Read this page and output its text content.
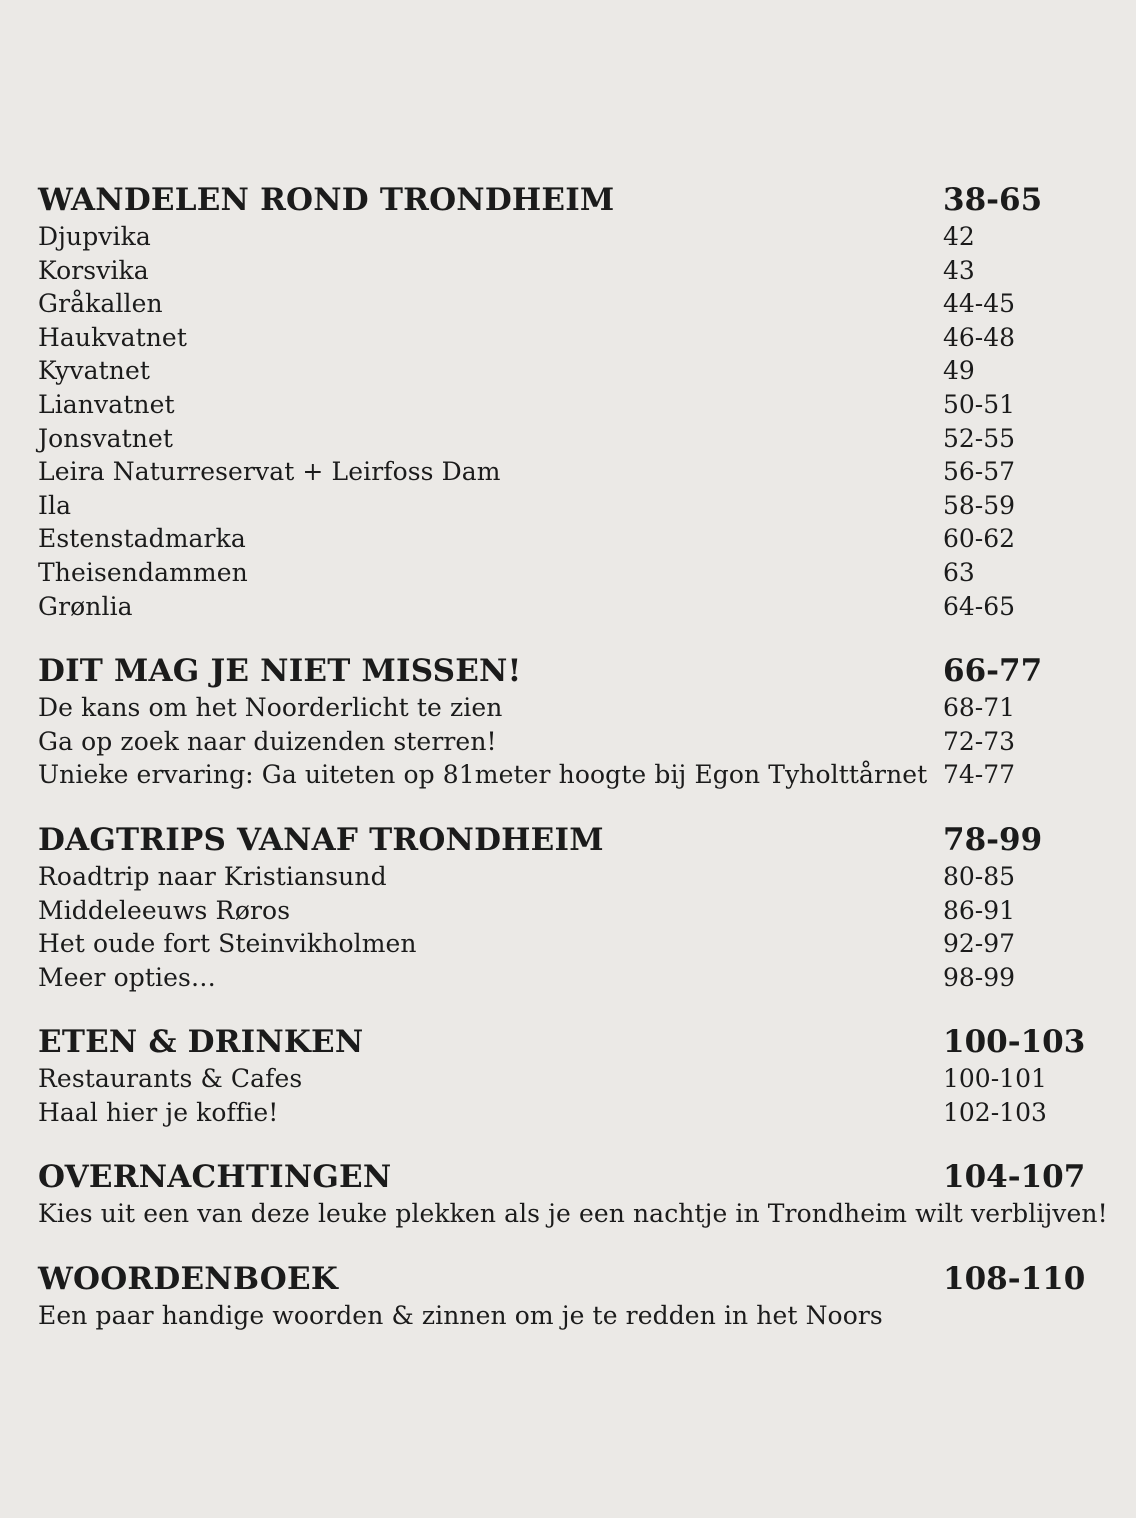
WANDELEN ROND TRONDHEIM	38-65
Djupvika	42
Korsvika	43
Gråkallen	44-45
Haukvatnet	46-48
Kyvatnet	49
Lianvatnet	50-51
Jonsvatnet	52-55
Leira Naturreservat + Leirfoss Dam	56-57
Ila	58-59
Estenstadmarka	60-62
Theisendammen	63
Grønlia	64-65
DIT MAG JE NIET MISSEN!	66-77
De kans om het Noorderlicht te zien	68-71
Ga op zoek naar duizenden sterren!	72-73
Unieke ervaring: Ga uiteten op 81meter hoogte bij Egon Tyholttårnet 74-77
DAGTRIPS VANAF TRONDHEIM	78-99
Roadtrip naar Kristiansund	80-85
Middeleeuws Røros	86-91
Het oude fort Steinvikholmen	92-97
Meer opties…	98-99
ETEN & DRINKEN	100-103
Restaurants & Cafes	100-101
Haal hier je koffie!	102-103
OVERNACHTINGEN	104-107
Kies uit een van deze leuke plekken als je een nachtje in Trondheim wilt verblijven!
WOORDENBOEK	108-110
Een paar handige woorden & zinnen om je te redden in het Noors
